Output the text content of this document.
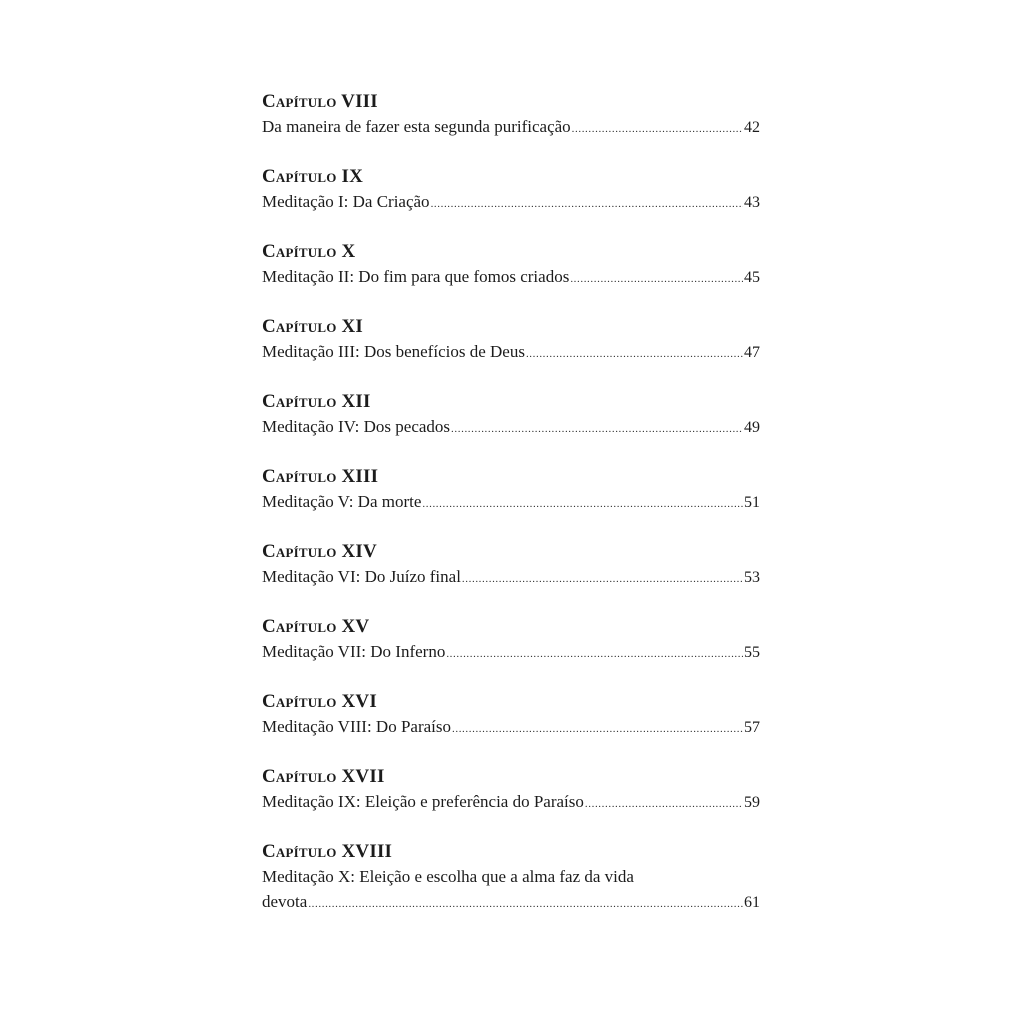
Capítulo VIII
Da maneira de fazer esta segunda purificação .....	42
Capítulo IX
Meditação I: Da Criação .....	43
Capítulo X
Meditação II: Do fim para que fomos criados .....	45
Capítulo XI
Meditação III: Dos benefícios de Deus .....	47
Capítulo XII
Meditação IV: Dos pecados .....	49
Capítulo XIII
Meditação V: Da morte .....	51
Capítulo XIV
Meditação VI: Do Juízo final .....	53
Capítulo XV
Meditação VII: Do Inferno .....	55
Capítulo XVI
Meditação VIII: Do Paraíso .....	57
Capítulo XVII
Meditação IX: Eleição e preferência do Paraíso .....	59
Capítulo XVIII
Meditação X: Eleição e escolha que a alma faz da vida
devota .....	61
